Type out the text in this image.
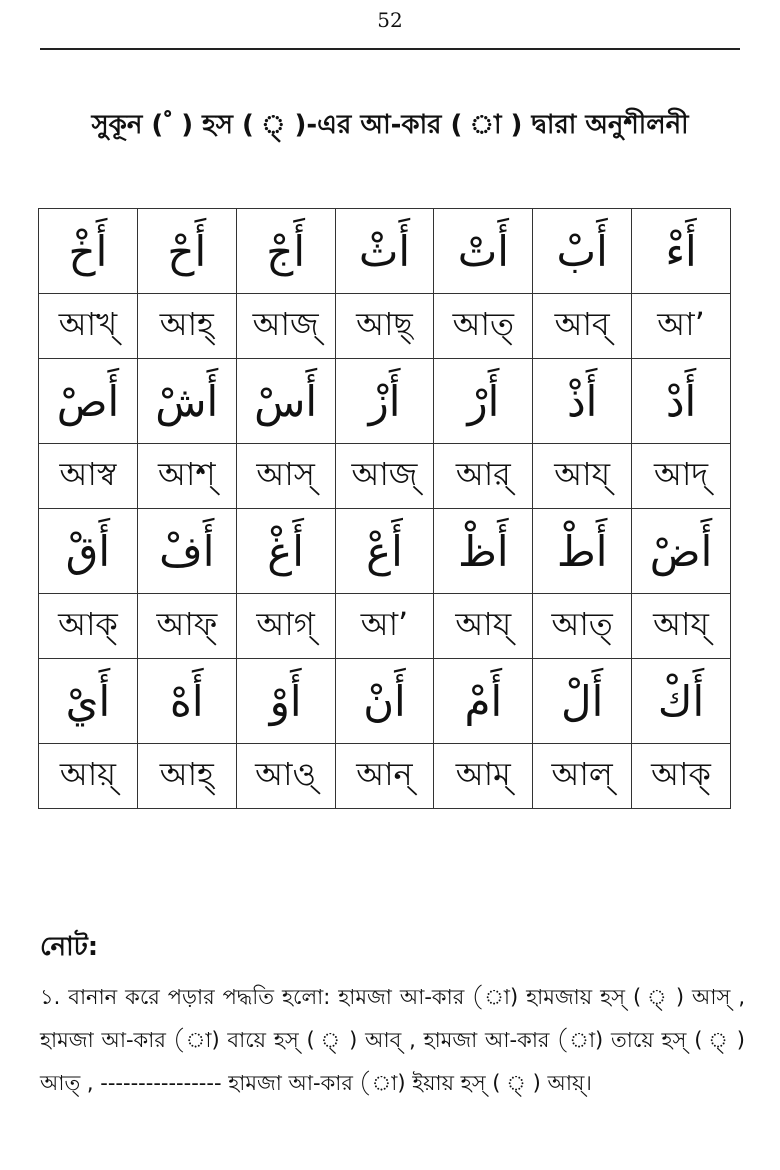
52
সুকূন ( ْ ) হস ( ্ )-এর আ-কার ( া ) দ্বারা অনুশীলনী
أَخْ	أَحْ	أَجْ	أَثْ	أَتْ	أَبْ	أَءْ
আখ্	আহ্	আজ্	আছ্	আত্	আব্	আ’
أَصْ	أَشْ	أَسْ	أَزْ	أَرْ	أَذْ	أَدْ
আস্ব	আশ্	আস্	আজ্	আর্	আয্	আদ্
أَقْ	أَفْ	أَغْ	أَعْ	أَظْ	أَطْ	أَضْ
আক্	আফ্	আগ্	আ’	আয্	আত্	আয্
أَيْ	أَهْ	أَوْ	أَنْ	أَمْ	أَلْ	أَكْ
আয়্	আহ্	আও্	আন্	আম্	আল্	আক্
নোট:
১. বানান করে পড়ার পদ্ধতি হলো: হামজা আ-কার (া) হামজায় হস্ ( ্ ) আস্ , হামজা আ-কার (া) বায়ে হস্ ( ্ ) আব্ , হামজা আ-কার (া) তায়ে হস্ ( ্ ) আত্ , ---------------- হামজা আ-কার (া) ইয়ায় হস্ ( ্ ) আয়্।
